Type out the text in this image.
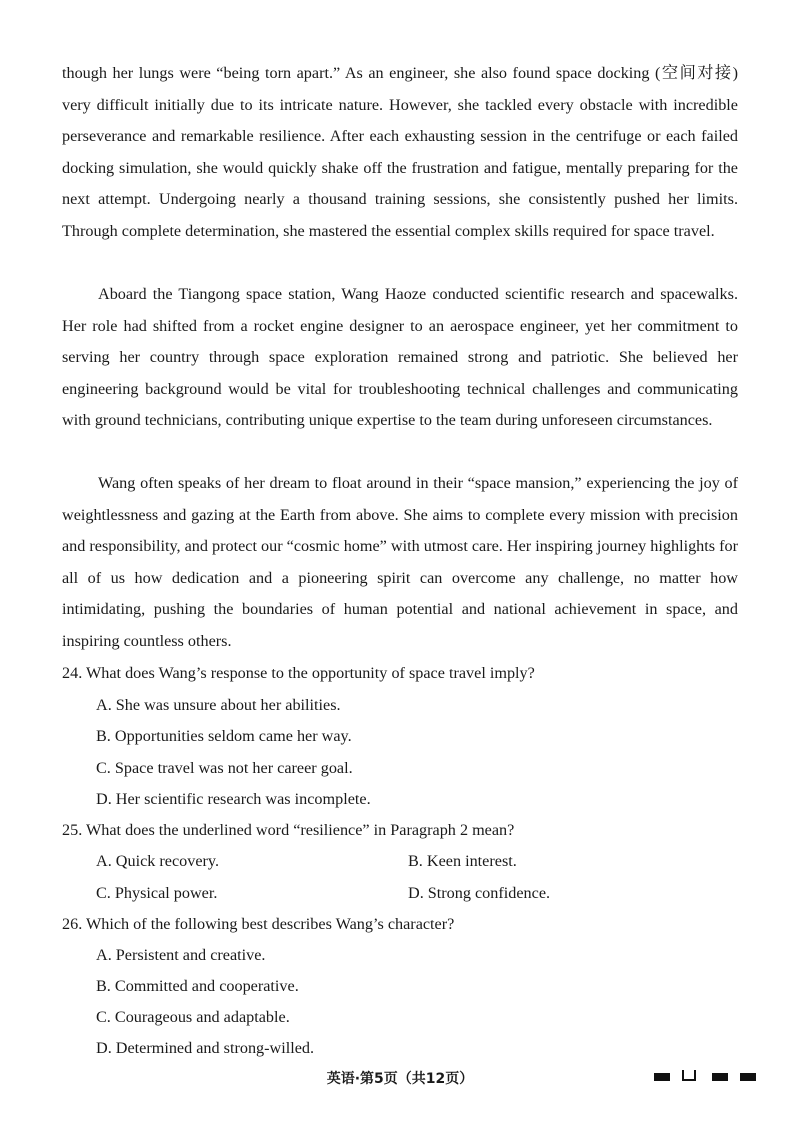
though her lungs were “being torn apart.” As an engineer, she also found space docking (空间对接) very difficult initially due to its intricate nature. However, she tackled every obstacle with incredible perseverance and remarkable resilience. After each exhausting session in the centrifuge or each failed docking simulation, she would quickly shake off the frustration and fatigue, mentally preparing for the next attempt. Undergoing nearly a thousand training sessions, she consistently pushed her limits. Through complete determination, she mastered the essential complex skills required for space travel.

Aboard the Tiangong space station, Wang Haoze conducted scientific research and spacewalks. Her role had shifted from a rocket engine designer to an aerospace engineer, yet her commitment to serving her country through space exploration remained strong and patriotic. She believed her engineering background would be vital for troubleshooting technical challenges and communicating with ground technicians, contributing unique expertise to the team during unforeseen circumstances.

Wang often speaks of her dream to float around in their “space mansion,” experiencing the joy of weightlessness and gazing at the Earth from above. She aims to complete every mission with precision and responsibility, and protect our “cosmic home” with utmost care. Her inspiring journey highlights for all of us how dedication and a pioneering spirit can overcome any challenge, no matter how intimidating, pushing the boundaries of human potential and national achievement in space, and inspiring countless others.

24. What does Wang’s response to the opportunity of space travel imply?
A. She was unsure about her abilities.
B. Opportunities seldom came her way.
C. Space travel was not her career goal.
D. Her scientific research was incomplete.
25. What does the underlined word “resilience” in Paragraph 2 mean?
A. Quick recovery.	B. Keen interest.
C. Physical power.	D. Strong confidence.
26. Which of the following best describes Wang’s character?
A. Persistent and creative.
B. Committed and cooperative.
C. Courageous and adaptable.
D. Determined and strong-willed.
英语·第5页（共12页）
